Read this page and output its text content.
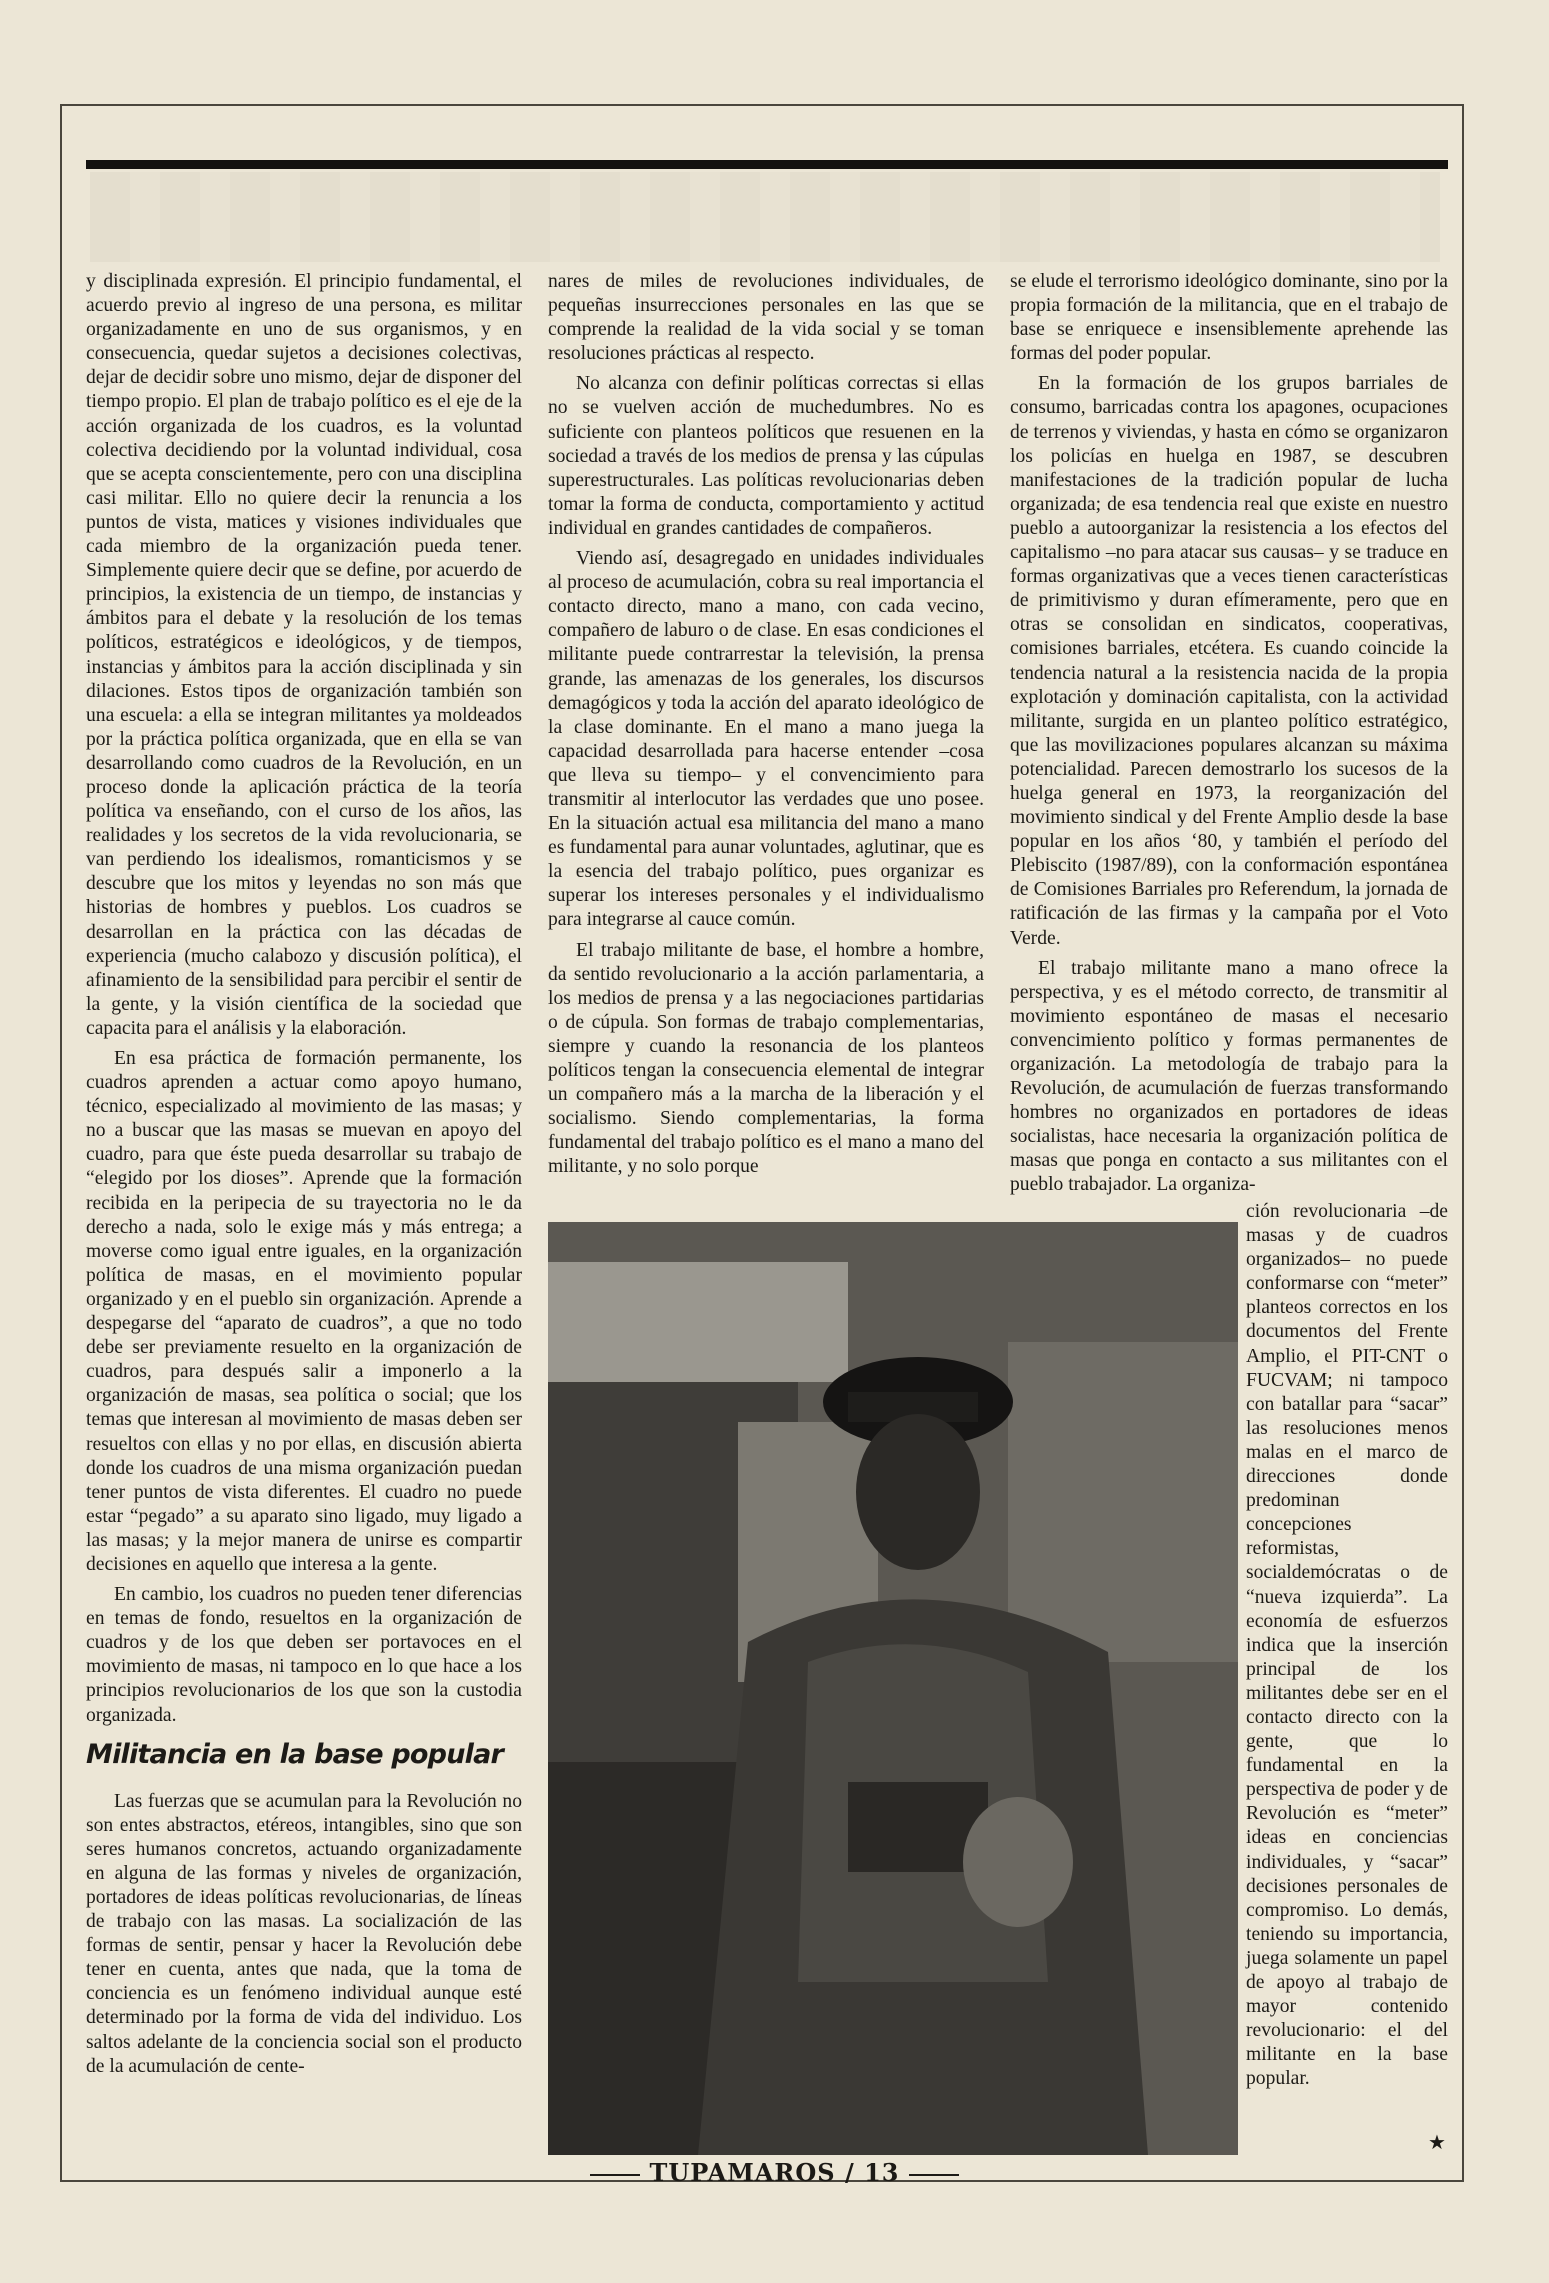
y disciplinada expresión. El principio fundamental, el acuerdo previo al ingreso de una persona, es militar organizadamente en uno de sus organismos, y en consecuencia, quedar sujetos a decisiones colectivas, dejar de decidir sobre uno mismo, dejar de disponer del tiempo propio. El plan de trabajo político es el eje de la acción organizada de los cuadros, es la voluntad colectiva decidiendo por la voluntad individual, cosa que se acepta conscientemente, pero con una disciplina casi militar. Ello no quiere decir la renuncia a los puntos de vista, matices y visiones individuales que cada miembro de la organización pueda tener. Simplemente quiere decir que se define, por acuerdo de principios, la existencia de un tiempo, de instancias y ámbitos para el debate y la resolución de los temas políticos, estratégicos e ideológicos, y de tiempos, instancias y ámbitos para la acción disciplinada y sin dilaciones. Estos tipos de organización también son una escuela: a ella se integran militantes ya moldeados por la práctica política organizada, que en ella se van desarrollando como cuadros de la Revolución, en un proceso donde la aplicación práctica de la teoría política va enseñando, con el curso de los años, las realidades y los secretos de la vida revolucionaria, se van perdiendo los idealismos, romanticismos y se descubre que los mitos y leyendas no son más que historias de hombres y pueblos. Los cuadros se desarrollan en la práctica con las décadas de experiencia (mucho calabozo y discusión política), el afinamiento de la sensibilidad para percibir el sentir de la gente, y la visión científica de la sociedad que capacita para el análisis y la elaboración.

En esa práctica de formación permanente, los cuadros aprenden a actuar como apoyo humano, técnico, especializado al movimiento de las masas; y no a buscar que las masas se muevan en apoyo del cuadro, para que éste pueda desarrollar su trabajo de “elegido por los dioses”. Aprende que la formación recibida en la peripecia de su trayectoria no le da derecho a nada, solo le exige más y más entrega; a moverse como igual entre iguales, en la organización política de masas, en el movimiento popular organizado y en el pueblo sin organización. Aprende a despegarse del “aparato de cuadros”, a que no todo debe ser previamente resuelto en la organización de cuadros, para después salir a imponerlo a la organización de masas, sea política o social; que los temas que interesan al movimiento de masas deben ser resueltos con ellas y no por ellas, en discusión abierta donde los cuadros de una misma organización puedan tener puntos de vista diferentes. El cuadro no puede estar “pegado” a su aparato sino ligado, muy ligado a las masas; y la mejor manera de unirse es compartir decisiones en aquello que interesa a la gente.

En cambio, los cuadros no pueden tener diferencias en temas de fondo, resueltos en la organización de cuadros y de los que deben ser portavoces en el movimiento de masas, ni tampoco en lo que hace a los principios revolucionarios de los que son la custodia organizada.

Militancia en la base popular

Las fuerzas que se acumulan para la Revolución no son entes abstractos, etéreos, intangibles, sino que son seres humanos concretos, actuando organizadamente en alguna de las formas y niveles de organización, portadores de ideas políticas revolucionarias, de líneas de trabajo con las masas. La socialización de las formas de sentir, pensar y hacer la Revolución debe tener en cuenta, antes que nada, que la toma de conciencia es un fenómeno individual aunque esté determinado por la forma de vida del individuo. Los saltos adelante de la conciencia social son el producto de la acumulación de cente-

nares de miles de revoluciones individuales, de pequeñas insurrecciones personales en las que se comprende la realidad de la vida social y se toman resoluciones prácticas al respecto.

No alcanza con definir políticas correctas si ellas no se vuelven acción de muchedumbres. No es suficiente con planteos políticos que resuenen en la sociedad a través de los medios de prensa y las cúpulas superestructurales. Las políticas revolucionarias deben tomar la forma de conducta, comportamiento y actitud individual en grandes cantidades de compañeros.

Viendo así, desagregado en unidades individuales al proceso de acumulación, cobra su real importancia el contacto directo, mano a mano, con cada vecino, compañero de laburo o de clase. En esas condiciones el militante puede contrarrestar la televisión, la prensa grande, las amenazas de los generales, los discursos demagógicos y toda la acción del aparato ideológico de la clase dominante. En el mano a mano juega la capacidad desarrollada para hacerse entender –cosa que lleva su tiempo– y el convencimiento para transmitir al interlocutor las verdades que uno posee. En la situación actual esa militancia del mano a mano es fundamental para aunar voluntades, aglutinar, que es la esencia del trabajo político, pues organizar es superar los intereses personales y el individualismo para integrarse al cauce común.

El trabajo militante de base, el hombre a hombre, da sentido revolucionario a la acción parlamentaria, a los medios de prensa y a las negociaciones partidarias o de cúpula. Son formas de trabajo complementarias, siempre y cuando la resonancia de los planteos políticos tengan la consecuencia elemental de integrar un compañero más a la marcha de la liberación y el socialismo. Siendo complementarias, la forma fundamental del trabajo político es el mano a mano del militante, y no solo porque

se elude el terrorismo ideológico dominante, sino por la propia formación de la militancia, que en el trabajo de base se enriquece e insensiblemente aprehende las formas del poder popular.

En la formación de los grupos barriales de consumo, barricadas contra los apagones, ocupaciones de terrenos y viviendas, y hasta en cómo se organizaron los policías en huelga en 1987, se descubren manifestaciones de la tradición popular de lucha organizada; de esa tendencia real que existe en nuestro pueblo a autoorganizar la resistencia a los efectos del capitalismo –no para atacar sus causas– y se traduce en formas organizativas que a veces tienen características de primitivismo y duran efímeramente, pero que en otras se consolidan en sindicatos, cooperativas, comisiones barriales, etcétera. Es cuando coincide la tendencia natural a la resistencia nacida de la propia explotación y dominación capitalista, con la actividad militante, surgida en un planteo político estratégico, que las movilizaciones populares alcanzan su máxima potencialidad. Parecen demostrarlo los sucesos de la huelga general en 1973, la reorganización del movimiento sindical y del Frente Amplio desde la base popular en los años ‘80, y también el período del Plebiscito (1987/89), con la conformación espontánea de Comisiones Barriales pro Referendum, la jornada de ratificación de las firmas y la campaña por el Voto Verde.

El trabajo militante mano a mano ofrece la perspectiva, y es el método correcto, de transmitir al movimiento espontáneo de masas el necesario convencimiento político y formas permanentes de organización. La metodología de trabajo para la Revolución, de acumulación de fuerzas transformando hombres no organizados en portadores de ideas socialistas, hace necesaria la organización política de masas que ponga en contacto a sus militantes con el pueblo trabajador. La organiza-

ción revolucionaria –de masas y de cuadros organizados– no puede conformarse con “meter” planteos correctos en los documentos del Frente Amplio, el PIT-CNT o FUCVAM; ni tampoco con batallar para “sacar” las resoluciones menos malas en el marco de direcciones donde predominan concepciones reformistas, socialdemócratas o de “nueva izquierda”. La economía de esfuerzos indica que la inserción principal de los militantes debe ser en el contacto directo con la gente, que lo fundamental en la perspectiva de poder y de Revolución es “meter” ideas en conciencias individuales, y “sacar” decisiones personales de compromiso. Lo demás, teniendo su importancia, juega solamente un papel de apoyo al trabajo de mayor contenido revolucionario: el del militante en la base popular.

★
TUPAMAROS / 13
